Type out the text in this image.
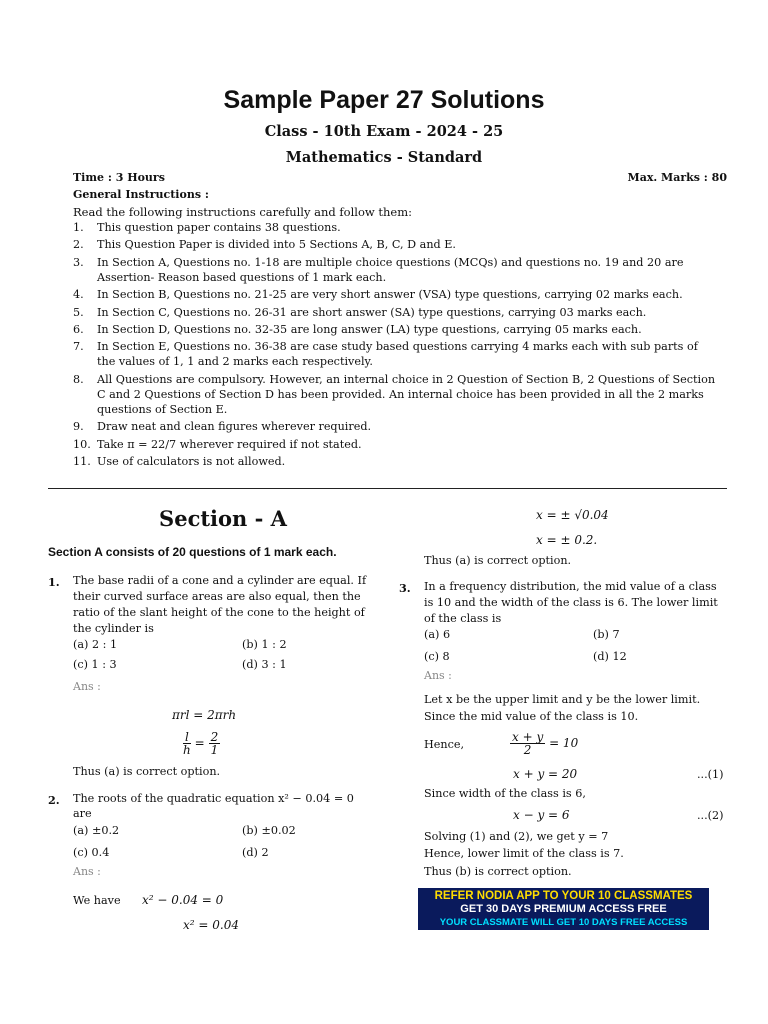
Sample Paper 27 Solutions
Class - 10th Exam - 2024 - 25
Mathematics - Standard
Time : 3 Hours	Max. Marks : 80
General Instructions :
Read the following instructions carefully and follow them:
1.	This question paper contains 38 questions.
2.	This Question Paper is divided into 5 Sections A, B, C, D and E.
3.	In Section A, Questions no. 1-18 are multiple choice questions (MCQs) and questions no. 19 and 20 are
Assertion- Reason based questions of 1 mark each.
4.	In Section B, Questions no. 21-25 are very short answer (VSA) type questions, carrying 02 marks each.
5.	In Section C, Questions no. 26-31 are short answer (SA) type questions, carrying 03 marks each.
6.	In Section D, Questions no. 32-35 are long answer (LA) type questions, carrying 05 marks each.
7.	In Section E, Questions no. 36-38 are case study based questions carrying 4 marks each with sub parts of
the values of 1, 1 and 2 marks each respectively.
8.	All Questions are compulsory. However, an internal choice in 2 Question of Section B, 2 Questions of Section
C and 2 Questions of Section D has been provided. An internal choice has been provided in all the 2 marks
questions of Section E.
9.	Draw neat and clean figures wherever required.
10. Take π = 22/7 wherever required if not stated.
11. Use of calculators is not allowed.
Section - A
Section A consists of 20 questions of 1 mark each.
1. The base radii of a cone and a cylinder are equal. If
their curved surface areas are also equal, then the
ratio of the slant height of the cone to the height of
the cylinder is
(a) 2 : 1	(b) 1 : 2
(c) 1 : 3	(d) 3 : 1
Ans :
πrl = 2πrh
$\frac{l}{h} = \frac{2}{1}$
Thus (a) is correct option.
2. The roots of the quadratic equation x² − 0.04 = 0
are
(a) ±0.2	(b) ±0.02
(c) 0.4	(d) 2
Ans :
We have x² − 0.04 = 0
x² = 0.04
x = ± √0.04
x = ± 0.2.
Thus (a) is correct option.
3. In a frequency distribution, the mid value of a class
is 10 and the width of the class is 6. The lower limit
of the class is
(a) 6	(b) 7
(c) 8	(d) 12
Ans :
Let x be the upper limit and y be the lower limit.
Since the mid value of the class is 10.
Hence,	$\frac{x + y}{2} = 10$
x + y = 20	...(1)
Since width of the class is 6,
x − y = 6	...(2)
Solving (1) and (2), we get y = 7
Hence, lower limit of the class is 7.
Thus (b) is correct option.
REFER NODIA APP TO YOUR 10 CLASSMATES
GET 30 DAYS PREMIUM ACCESS FREE
YOUR CLASSMATE WILL GET 10 DAYS FREE ACCESS
